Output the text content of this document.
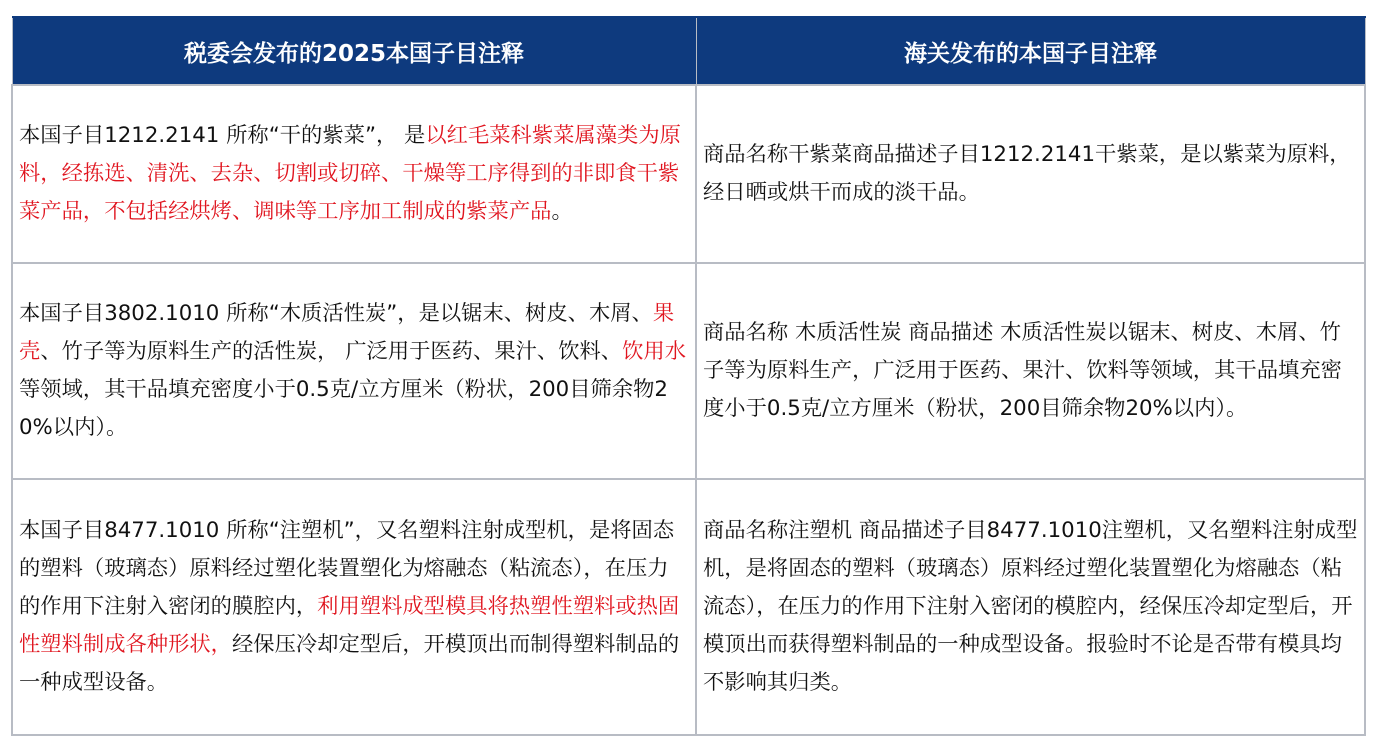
税委会发布的2025本国子目注释	海关发布的本国子目注释
本国子目1212.2141 所称“干的紫菜”， 是以红毛菜科紫菜属藻类为原料，经拣选、清洗、去杂、切割或切碎、干燥等工序得到的非即食干紫菜产品，不包括经烘烤、调味等工序加工制成的紫菜产品。	商品名称干紫菜商品描述子目1212.2141干紫菜，是以紫菜为原料，经日晒或烘干而成的淡干品。
本国子目3802.1010 所称“木质活性炭”，是以锯末、树皮、木屑、果壳、竹子等为原料生产的活性炭， 广泛用于医药、果汁、饮料、饮用水等领域，其干品填充密度小于0.5克/立方厘米（粉状，200目筛余物20%以内）。	商品名称 木质活性炭 商品描述 木质活性炭以锯末、树皮、木屑、竹子等为原料生产，广泛用于医药、果汁、饮料等领域，其干品填充密度小于0.5克/立方厘米（粉状，200目筛余物20%以内）。
本国子目8477.1010 所称“注塑机”，又名塑料注射成型机，是将固态的塑料（玻璃态）原料经过塑化装置塑化为熔融态（粘流态），在压力的作用下注射入密闭的膜腔内，利用塑料成型模具将热塑性塑料或热固性塑料制成各种形状，经保压冷却定型后，开模顶出而制得塑料制品的一种成型设备。	商品名称注塑机 商品描述子目8477.1010注塑机，又名塑料注射成型机，是将固态的塑料（玻璃态）原料经过塑化装置塑化为熔融态（粘流态），在压力的作用下注射入密闭的模腔内，经保压冷却定型后，开模顶出而获得塑料制品的一种成型设备。报验时不论是否带有模具均不影响其归类。
